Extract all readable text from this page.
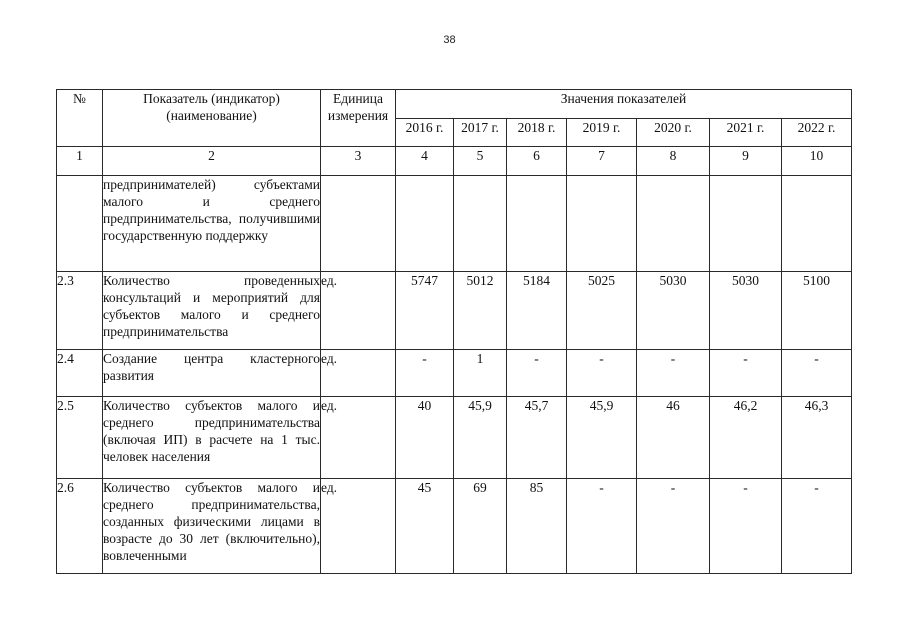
38
№	Показатель (индикатор) (наименование)	Единица измерения	Значения показателей						
			2016 г.	2017 г.	2018 г.	2019 г.	2020 г.	2021 г.	2022 г.
1	2	3	4	5	6	7	8	9	10
	предпринимателей) субъектами малого и среднего предпринимательства, получившими государственную поддержку								
2.3	Количество проведенных консультаций и мероприятий для субъектов малого и среднего предпринимательства	ед.	5747	5012	5184	5025	5030	5030	5100
2.4	Создание центра кластерного развития	ед.	-	1	-	-	-	-	-
2.5	Количество субъектов малого и среднего предпринимательства (включая ИП) в расчете на 1 тыс. человек населения	ед.	40	45,9	45,7	45,9	46	46,2	46,3
2.6	Количество субъектов малого и среднего предпринимательства, созданных физическими лицами в возрасте до 30 лет (включительно), вовлеченными	ед.	45	69	85	-	-	-	-
